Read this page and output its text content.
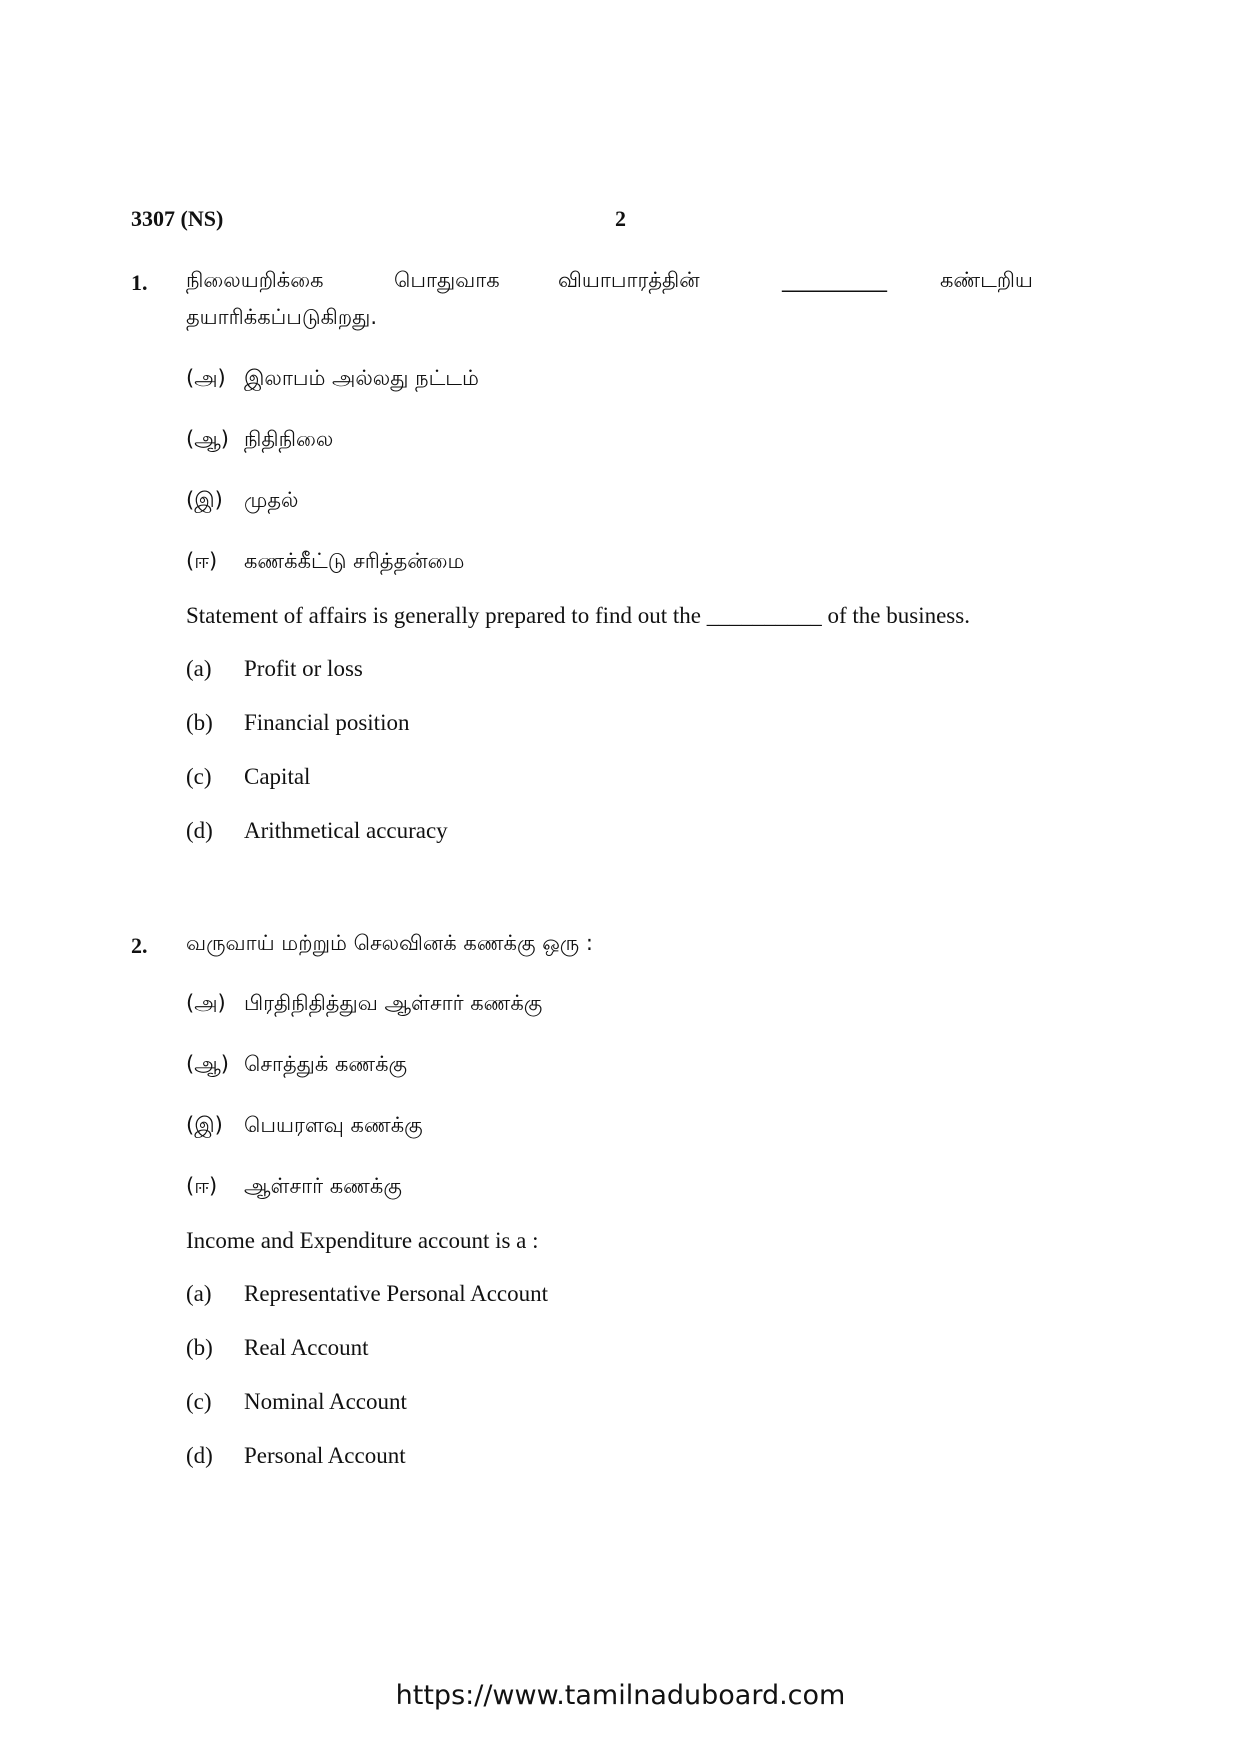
3307 (NS)	2
1. நிலையறிக்கை	பொதுவாக	வியாபாரத்தின்	__________	கண்டறிய
தயாரிக்கப்படுகிறது.
(அ) இலாபம் அல்லது நட்டம்
(ஆ) நிதிநிலை
(இ) முதல்
(ஈ) கணக்கீட்டு சரித்தன்மை
Statement of affairs is generally prepared to find out the __________ of the business.
(a) Profit or loss
(b) Financial position
(c) Capital
(d) Arithmetical accuracy
2. வருவாய் மற்றும் செலவினக் கணக்கு ஒரு :
(அ) பிரதிநிதித்துவ ஆள்சார் கணக்கு
(ஆ) சொத்துக் கணக்கு
(இ) பெயரளவு கணக்கு
(ஈ) ஆள்சார் கணக்கு
Income and Expenditure account is a :
(a) Representative Personal Account
(b) Real Account
(c) Nominal Account
(d) Personal Account
https://www.tamilnaduboard.com
